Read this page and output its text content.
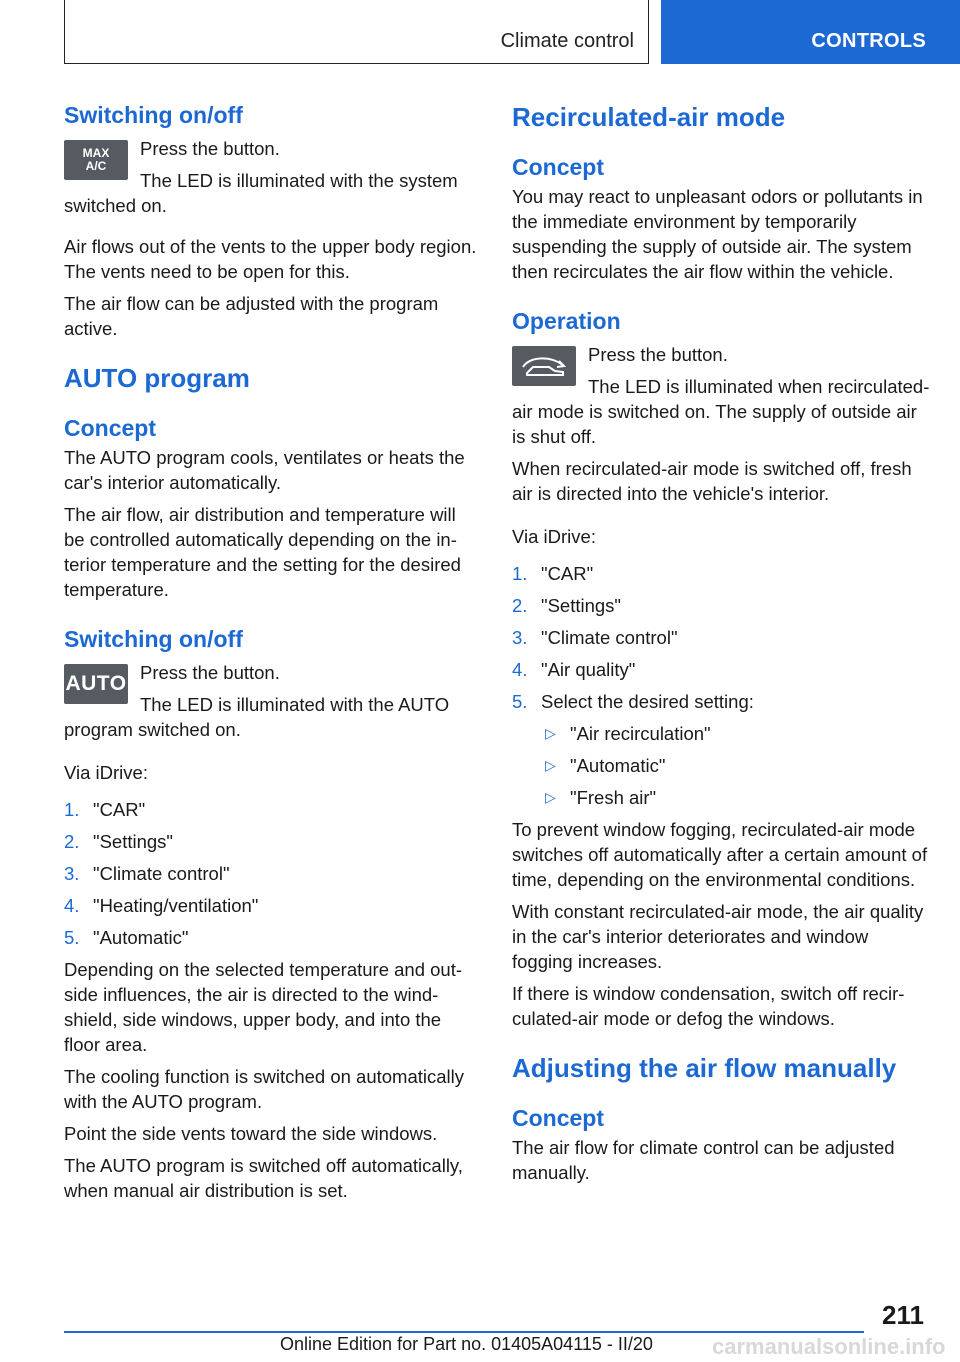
Climate control	CONTROLS
Switching on/off
MAX A/C

Press the button.

The LED is illuminated with the system switched on.

Air flows out of the vents to the upper body region. The vents need to be open for this.

The air flow can be adjusted with the program active.

AUTO program
Concept

The AUTO program cools, ventilates or heats the car's interior automatically.

The air flow, air distribution and temperature will be controlled automatically depending on the interior temperature and the setting for the desired temperature.

Switching on/off
AUTO Press the button.

The LED is illuminated with the AUTO program switched on.

Via iDrive:

1. "CAR"
2. "Settings"
3. "Climate control"
4. "Heating/ventilation"
5. "Automatic"

Depending on the selected temperature and outside influences, the air is directed to the windshield, side windows, upper body, and into the floor area.

The cooling function is switched on automatically with the AUTO program.

Point the side vents toward the side windows.

The AUTO program is switched off automatically, when manual air distribution is set.

Recirculated-air mode
Concept

You may react to unpleasant odors or pollutants in the immediate environment by temporarily suspending the supply of outside air. The system then recirculates the air flow within the vehicle.

Operation

Press the button.

The LED is illuminated when recirculated-air mode is switched on. The supply of outside air is shut off.

When recirculated-air mode is switched off, fresh air is directed into the vehicle's interior.

Via iDrive:

1. "CAR"
2. "Settings"
3. "Climate control"
4. "Air quality"
5. Select the desired setting:
▷ "Air recirculation"
▷ "Automatic"
▷ "Fresh air"

To prevent window fogging, recirculated-air mode switches off automatically after a certain amount of time, depending on the environmental conditions.

With constant recirculated-air mode, the air quality in the car's interior deteriorates and window fogging increases.

If there is window condensation, switch off recirculated-air mode or defog the windows.

Adjusting the air flow manually
Concept

The air flow for climate control can be adjusted manually.

211
Online Edition for Part no. 01405A04115 - II/20	carmanualsonline.info
